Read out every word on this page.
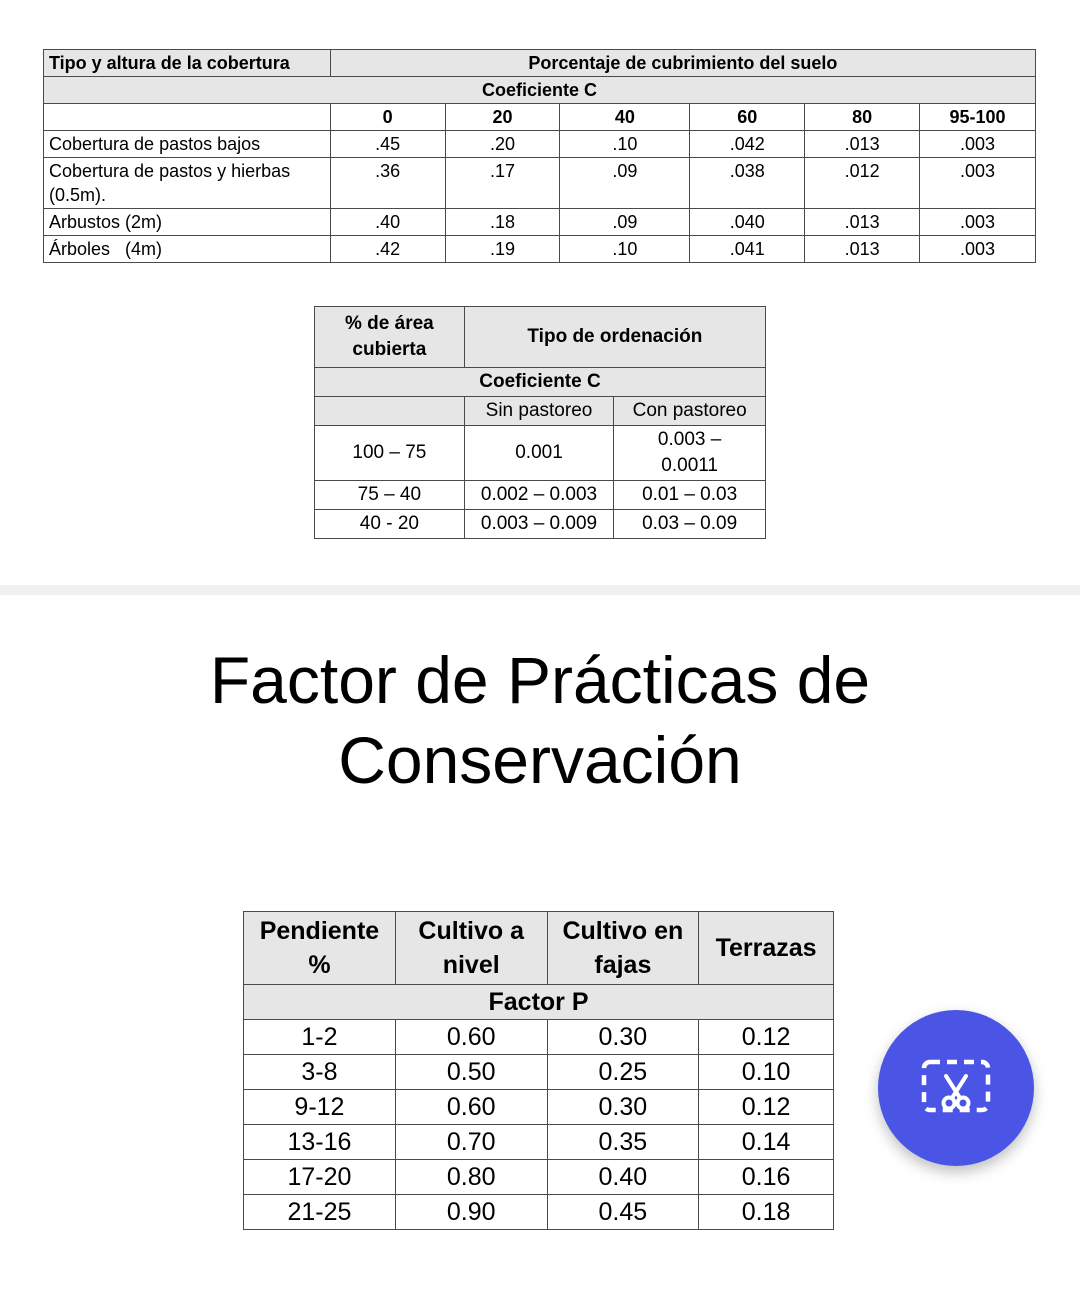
Tipo y altura de la cobertura	Porcentaje de cubrimiento del suelo					
Coeficiente C						
	0	20	40	60	80	95-100
Cobertura de pastos bajos	.45	.20	.10	.042	.013	.003
Cobertura de pastos y hierbas (0.5m).	.36	.17	.09	.038	.012	.003
Arbustos (2m)	.40	.18	.09	.040	.013	.003
Árboles   (4m)	.42	.19	.10	.041	.013	.003
% de área cubierta	Tipo de ordenación	
Coeficiente C		
	Sin pastoreo	Con pastoreo
100 – 75	0.001	0.003 – 0.0011
75 – 40	0.002 – 0.003	0.01 – 0.03
40 - 20	0.003 – 0.009	0.03 – 0.09
Factor de Prácticas de Conservación
Pendiente %	Cultivo a nivel	Cultivo en fajas	Terrazas
Factor P			
1-2	0.60	0.30	0.12
3-8	0.50	0.25	0.10
9-12	0.60	0.30	0.12
13-16	0.70	0.35	0.14
17-20	0.80	0.40	0.16
21-25	0.90	0.45	0.18
